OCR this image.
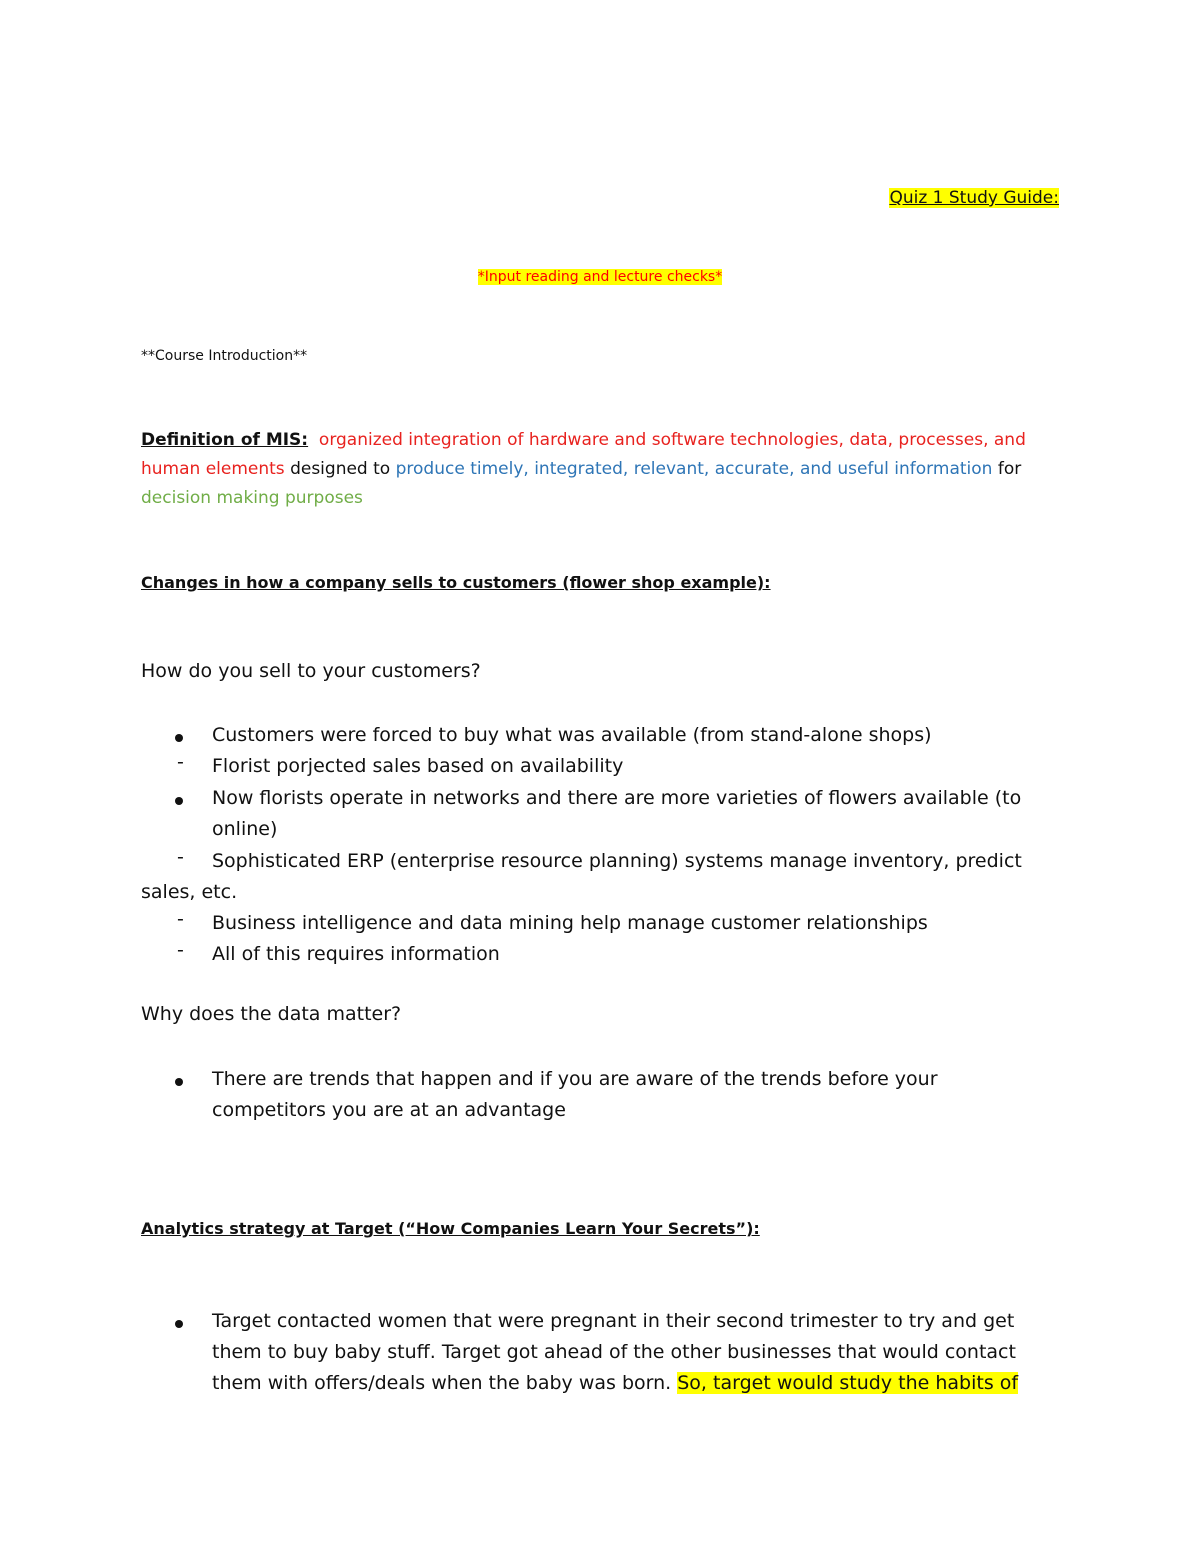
Quiz 1 Study Guide:
*Input reading and lecture checks*
**Course Introduction**
Definition of MIS: organized integration of hardware and software technologies, data, processes, and human elements designed to produce timely, integrated, relevant, accurate, and useful information for decision making purposes
Changes in how a company sells to customers (flower shop example):
How do you sell to your customers?
Customers were forced to buy what was available (from stand-alone shops)
- Florist porjected sales based on availability
Now florists operate in networks and there are more varieties of flowers available (to online)
- Sophisticated ERP (enterprise resource planning) systems manage inventory, predict
sales, etc.
- Business intelligence and data mining help manage customer relationships
- All of this requires information
Why does the data matter?
There are trends that happen and if you are aware of the trends before your competitors you are at an advantage
Analytics strategy at Target (“How Companies Learn Your Secrets”):
Target contacted women that were pregnant in their second trimester to try and get them to buy baby stuff. Target got ahead of the other businesses that would contact them with offers/deals when the baby was born. So, target would study the habits of
